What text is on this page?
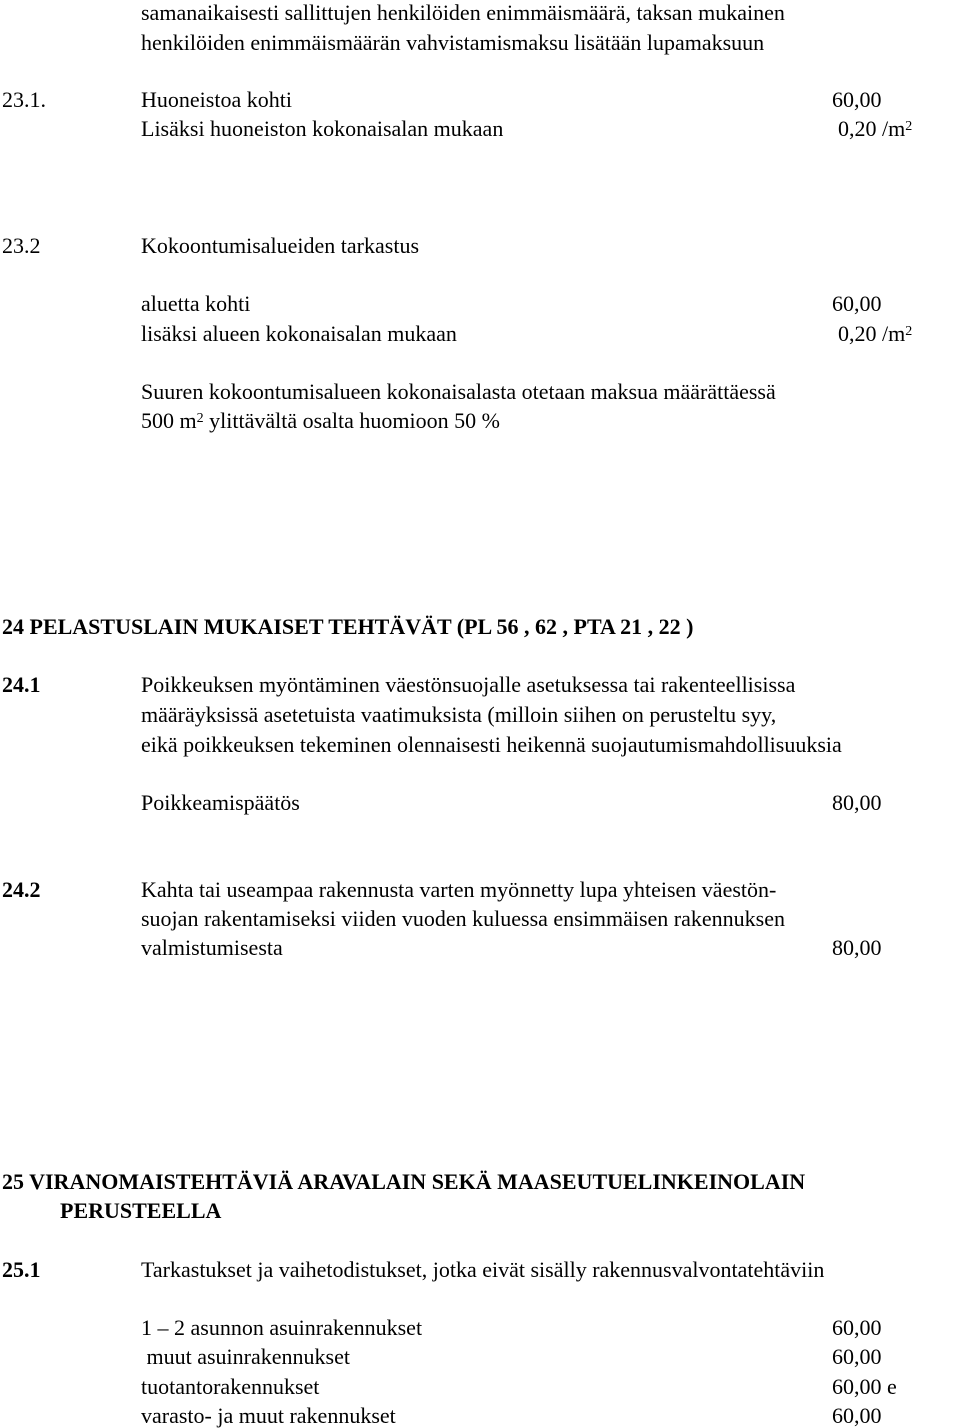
samanaikaisesti sallittujen henkilöiden enimmäismäärä, taksan mukainen
henkilöiden enimmäismäärän vahvistamismaksu lisätään lupamaksuun
23.1.	Huoneistoa kohti	60,00
Lisäksi huoneiston kokonaisalan mukaan	0,20 $/m^2$
23.2	Kokoontumisalueiden tarkastus
aluetta kohti	60,00
lisäksi alueen kokonaisalan mukaan	0,20 $/m^2$
Suuren kokoontumisalueen kokonaisalasta otetaan maksua määrättäessä
500 $m^2$ ylittävältä osalta huomioon 50 %
24 PELASTUSLAIN MUKAISET TEHTÄVÄT (PL 56 , 62 , PTA 21 , 22 )
24.1	Poikkeuksen myöntäminen väestönsuojalle asetuksessa tai rakenteellisissa
määräyksissä asetetuista vaatimuksista (milloin siihen on perusteltu syy,
eikä poikkeuksen tekeminen olennaisesti heikennä suojautumismahdollisuuksia
Poikkeamispäätös	80,00
24.2	Kahta tai useampaa rakennusta varten myönnetty lupa yhteisen väestön-
suojan rakentamiseksi viiden vuoden kuluessa ensimmäisen rakennuksen
valmistumisesta	80,00
25 VIRANOMAISTEHTÄVIÄ ARAVALAIN SEKÄ MAASEUTUELINKEINOLAIN
PERUSTEELLA
25.1	Tarkastukset ja vaihetodistukset, jotka eivät sisälly rakennusvalvontatehtäviin
1 – 2 asunnon asuinrakennukset	60,00
muut asuinrakennukset	60,00
tuotantorakennukset	60,00 e
varasto- ja muut rakennukset	60,00
